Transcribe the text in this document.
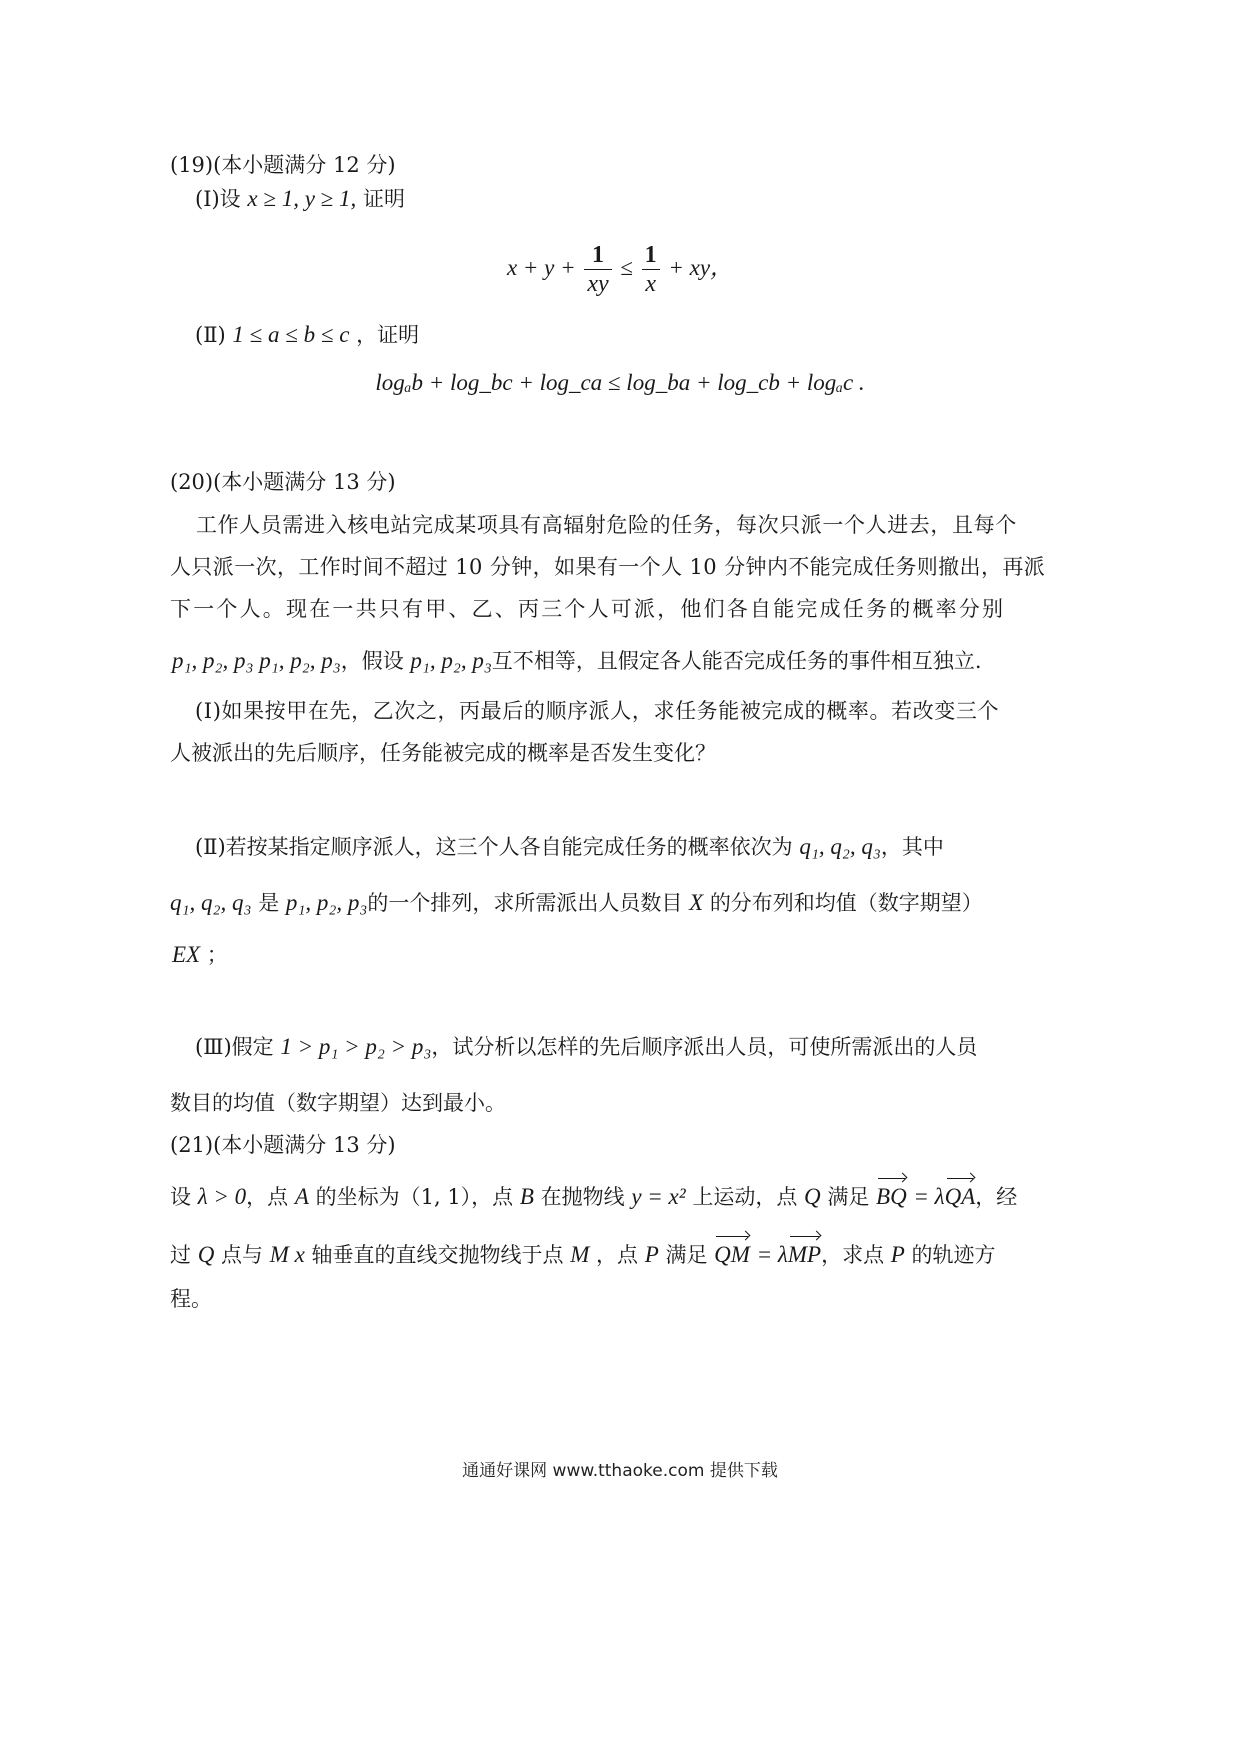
(19)(本小题满分 12 分)
(Ⅰ)设 x ≥ 1, y ≥ 1, 证明
$x + y + \frac{1}{xy} \le \frac{1}{x}$ + xy，
(Ⅱ) 1 ≤ a ≤ b ≤ c ，证明
logₐb + log_bc + log_ca ≤ log_ba + log_cb + logₐc .
(20)(本小题满分 13 分)
工作人员需进入核电站完成某项具有高辐射危险的任务，每次只派一个人进去，且每个
人只派一次，工作时间不超过 10 分钟，如果有一个人 10 分钟内不能完成任务则撤出，再派
下一个人。现在一共只有甲、乙、丙三个人可派，他们各自能完成任务的概率分别
p₁, p₂, p₃ p₁, p₂, p₃，假设 p₁, p₂, p₃互不相等，且假定各人能否完成任务的事件相互独立.
(Ⅰ)如果按甲在先，乙次之，丙最后的顺序派人，求任务能被完成的概率。若改变三个
人被派出的先后顺序，任务能被完成的概率是否发生变化？
(Ⅱ)若按某指定顺序派人，这三个人各自能完成任务的概率依次为 q₁, q₂, q₃，其中
q₁, q₂, q₃ 是 p₁, p₂, p₃的一个排列，求所需派出人员数目 X 的分布列和均值（数字期望）
EX ；
(Ⅲ)假定 1 > p₁ > p₂ > p₃，试分析以怎样的先后顺序派出人员，可使所需派出的人员
数目的均值（数字期望）达到最小。
(21)(本小题满分 13 分)
设 λ > 0，点 A 的坐标为（1, 1），点 B 在抛物线 y = x² 上运动，点 Q 满足 BQ = λQA，经
过 Q 点与 M x 轴垂直的直线交抛物线于点 M ，点 P 满足 QM = λMP，求点 P 的轨迹方
程。
通通好课网 www.tthaoke.com 提供下载
